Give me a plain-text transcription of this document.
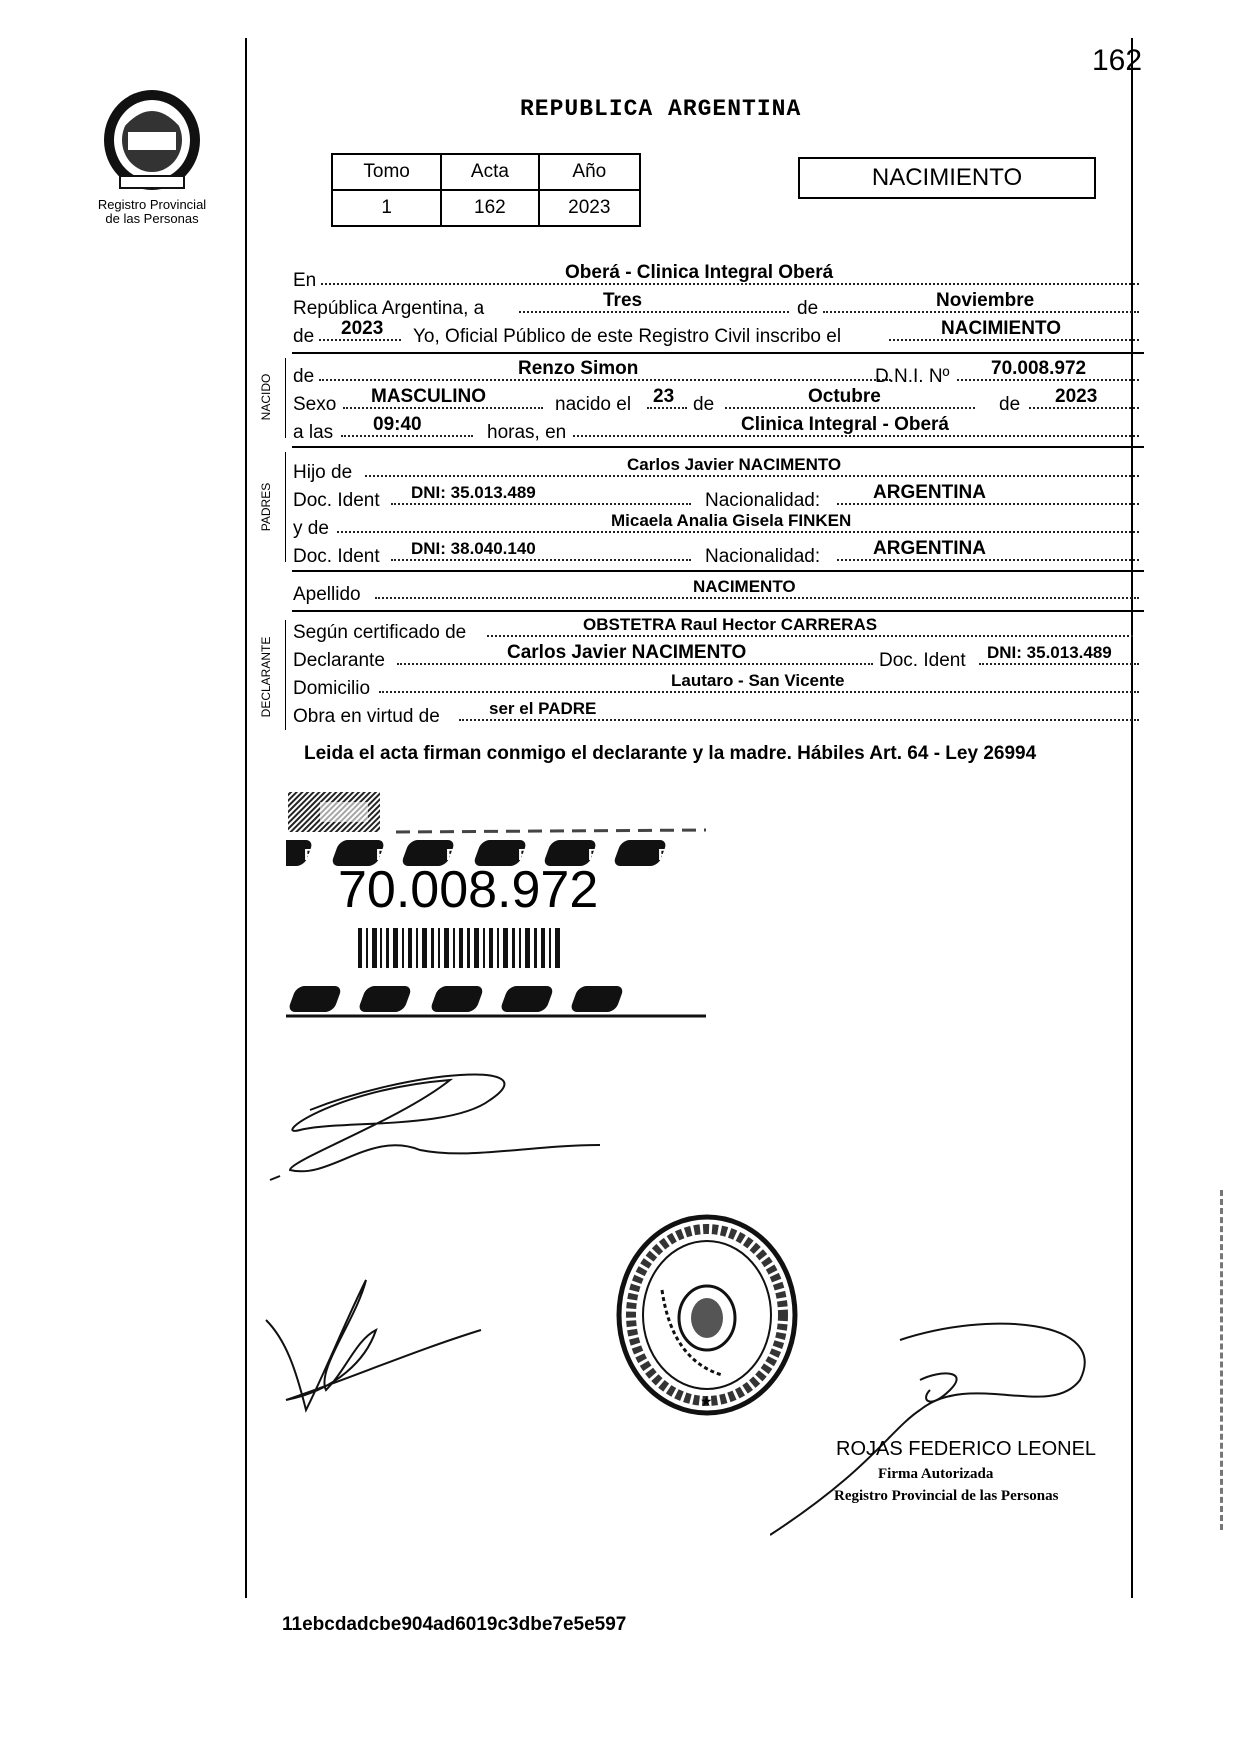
162
Registro Provincial
de las Personas
REPUBLICA ARGENTINA
Tomo	Acta	Año
1	162	2023
NACIMIENTO
En	Oberá - Clinica Integral Oberá
República Argentina, a	Tres	de	Noviembre
de 2023 Yo, Oficial Público de este Registro Civil inscribo el	NACIMIENTO
NACIDO de	Renzo Simon	D.N.I. Nº 70.008.972
Sexo MASCULINO	nacido el 23 de	Octubre	de 2023
a las 09:40	horas, en	Clinica Integral - Oberá
PADRES
Hijo de	Carlos Javier NACIMENTO
Doc. Ident DNI: 35.013.489	Nacionalidad:	ARGENTINA
y de	Micaela Analia Gisela FINKEN
Doc. Ident DNI: 38.040.140	Nacionalidad:	ARGENTINA
Apellido	NACIMENTO
DECLARANTE
Según certificado de	OBSTETRA Raul Hector CARRERAS
Declarante	Carlos Javier NACIMENTO	Doc. Ident DNI: 35.013.489
Domicilio	Lautaro - San Vicente
Obra en virtud de	ser el PADRE
Leida el acta firman conmigo el declarante y la madre. Hábiles Art. 64 - Ley 26994
R	R	R	R	R	R
70.008.972
★
ROJAS FEDERICO LEONEL
Firma Autorizada
Registro Provincial de las Personas
11ebcdadcbe904ad6019c3dbe7e5e597
